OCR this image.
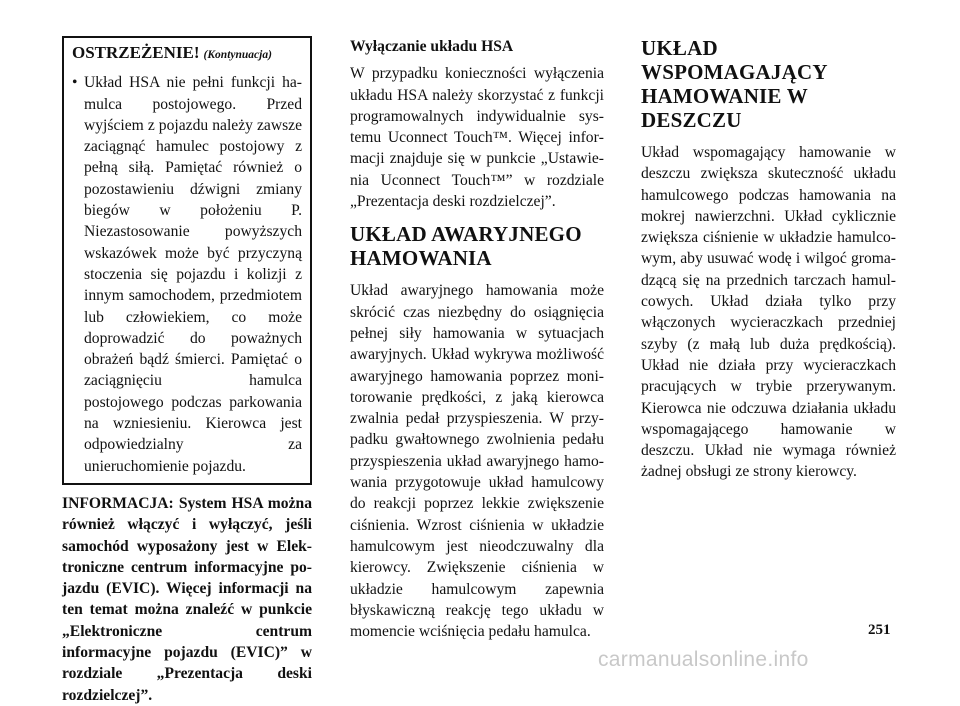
OSTRZEŻENIE! (Kontynuacja)
• Układ HSA nie pełni funkcji hamulca postojowego. Przed wyjściem z pojazdu należy zawsze zaciągnąć hamulec postojowy z pełną siłą. Pamiętać również o pozostawieniu dźwigni zmiany biegów w położeniu P. Niezastosowanie powyższych wskazówek może być przyczyną stoczenia się pojazdu i kolizji z innym samochodem, przedmiotem lub człowiekiem, co może doprowadzić do poważnych obrażeń bądź śmierci. Pamiętać o zaciągnięciu hamulca postojowego podczas parkowania na wzniesieniu. Kierowca jest odpowiedzialny za unieruchomienie pojazdu.

INFORMACJA: System HSA można również włączyć i wyłączyć, jeśli samochód wyposażony jest w Elektroniczne centrum informacyjne pojazdu (EVIC). Więcej informacji na ten temat można znaleźć w punkcie „Elektroniczne centrum informacyjne pojazdu (EVIC)” w rozdziale „Prezentacja deski rozdzielczej”.

Wyłączanie układu HSA

W przypadku konieczności wyłączenia układu HSA należy skorzystać z funkcji programowalnych indywidualnie systemu Uconnect Touch™. Więcej informacji znajduje się w punkcie „Ustawienia Uconnect Touch™” w rozdziale „Prezentacja deski rozdzielczej”.

UKŁAD AWARYJNEGO HAMOWANIA

Układ awaryjnego hamowania może skrócić czas niezbędny do osiągnięcia pełnej siły hamowania w sytuacjach awaryjnych. Układ wykrywa możliwość awaryjnego hamowania poprzez monitorowanie prędkości, z jaką kierowca zwalnia pedał przyspieszenia. W przypadku gwałtownego zwolnienia pedału przyspieszenia układ awaryjnego hamowania przygotowuje układ hamulcowy do reakcji poprzez lekkie zwiększenie ciśnienia. Wzrost ciśnienia w układzie hamulcowym jest nieodczuwalny dla kierowcy. Zwiększenie ciśnienia w układzie hamulcowym zapewnia błyskawiczną reakcję tego układu w momencie wciśnięcia pedału hamulca.

UKŁAD WSPOMAGAJĄCY HAMOWANIE W DESZCZU

Układ wspomagający hamowanie w deszczu zwiększa skuteczność układu hamulcowego podczas hamowania na mokrej nawierzchni. Układ cyklicznie zwiększa ciśnienie w układzie hamulcowym, aby usuwać wodę i wilgoć gromadzącą się na przednich tarczach hamulcowych. Układ działa tylko przy włączonych wycieraczkach przedniej szyby (z małą lub duża prędkością). Układ nie działa przy wycieraczkach pracujących w trybie przerywanym. Kierowca nie odczuwa działania układu wspomagającego hamowanie w deszczu. Układ nie wymaga również żadnej obsługi ze strony kierowcy.

251
carmanualsonline.info
